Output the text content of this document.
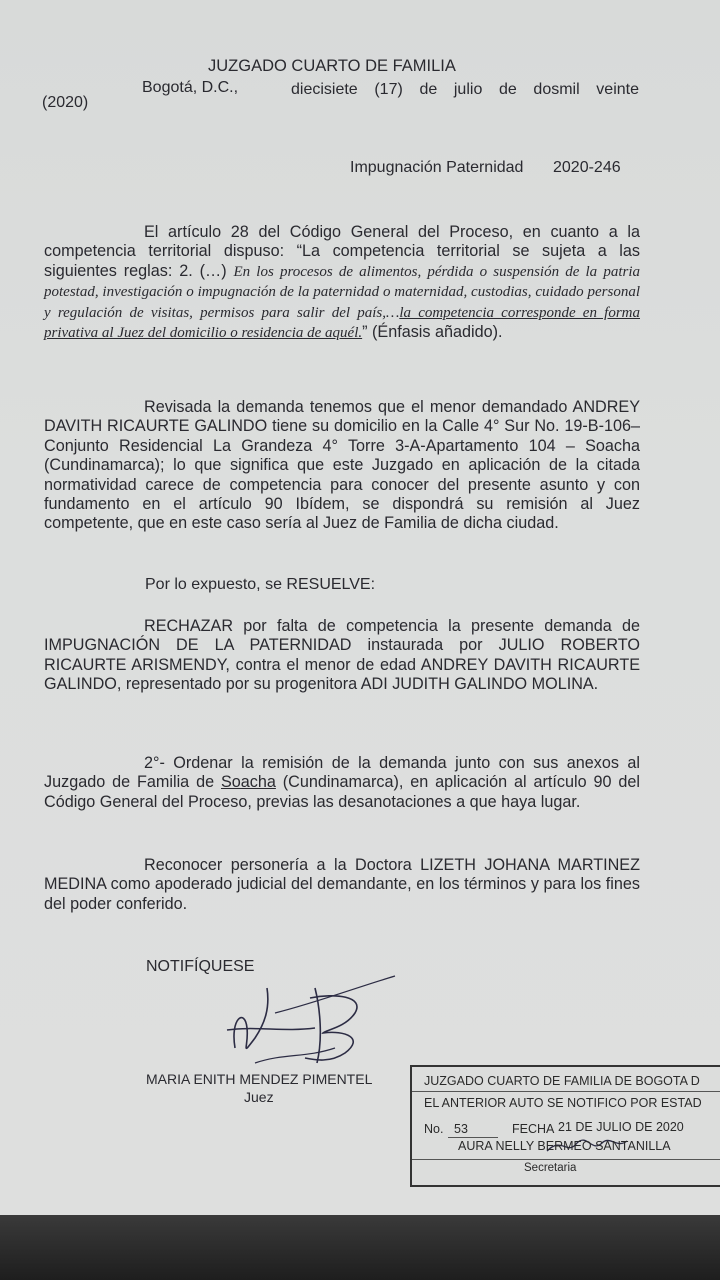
JUZGADO CUARTO DE FAMILIA
Bogotá, D.C.,	diecisiete (17) de julio de dosmil veinte
(2020)
Impugnación Paternidad 2020-246
El artículo 28 del Código General del Proceso, en cuanto a la competencia territorial dispuso: “La competencia territorial se sujeta a las siguientes reglas: 2. (…) En los procesos de alimentos, pérdida o suspensión de la patria potestad, investigación o impugnación de la paternidad o maternidad, custodias, cuidado personal y regulación de visitas, permisos para salir del país,…la competencia corresponde en forma privativa al Juez del domicilio o residencia de aquél.” (Énfasis añadido).
Revisada la demanda tenemos que el menor demandado ANDREY DAVITH RICAURTE GALINDO tiene su domicilio en la Calle 4° Sur No. 19-B-106– Conjunto Residencial La Grandeza 4° Torre 3-A-Apartamento 104 – Soacha (Cundinamarca); lo que significa que este Juzgado en aplicación de la citada normatividad carece de competencia para conocer del presente asunto y con fundamento en el artículo 90 Ibídem, se dispondrá su remisión al Juez competente, que en este caso sería al Juez de Familia de dicha ciudad.
Por lo expuesto, se RESUELVE:
RECHAZAR por falta de competencia la presente demanda de IMPUGNACIÓN DE LA PATERNIDAD instaurada por JULIO ROBERTO RICAURTE ARISMENDY, contra el menor de edad ANDREY DAVITH RICAURTE GALINDO, representado por su progenitora ADI JUDITH GALINDO MOLINA.
2°- Ordenar la remisión de la demanda junto con sus anexos al Juzgado de Familia de Soacha (Cundinamarca), en aplicación al artículo 90 del Código General del Proceso, previas las desanotaciones a que haya lugar.
Reconocer personería a la Doctora LIZETH JOHANA MARTINEZ MEDINA como apoderado judicial del demandante, en los términos y para los fines del poder conferido.
NOTIFÍQUESE
MARIA ENITH MENDEZ PIMENTEL
Juez
JUZGADO CUARTO DE FAMILIA DE BOGOTA D
EL ANTERIOR AUTO SE NOTIFICO POR ESTAD
No. 53	FECHA 21 DE JULIO DE 2020
AURA NELLY BERMEO SANTANILLA
Secretaria
